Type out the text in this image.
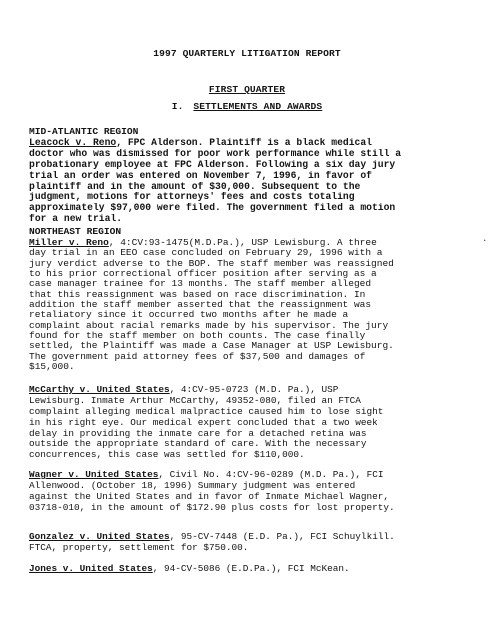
1997 QUARTERLY LITIGATION REPORT
FIRST QUARTER
I. SETTLEMENTS AND AWARDS
MID-ATLANTIC REGION
Leacock v. Reno, FPC Alderson. Plaintiff is a black medical
doctor who was dismissed for poor work performance while still a
probationary employee at FPC Alderson. Following a six day jury
trial an order was entered on November 7, 1996, in favor of
plaintiff and in the amount of $30,000. Subsequent to the
judgment, motions for attorneys' fees and costs totaling
approximately $97,000 were filed. The government filed a motion
for a new trial.
·
NORTHEAST REGION
Miller v. Reno, 4:CV:93-1475(M.D.Pa.), USP Lewisburg. A three
day trial in an EEO case concluded on February 29, 1996 with a
jury verdict adverse to the BOP. The staff member was reassigned
to his prior correctional officer position after serving as a
case manager trainee for 13 months. The staff member alleged
that this reassignment was based on race discrimination. In
addition the staff member asserted that the reassignment was
retaliatory since it occurred two months after he made a
complaint about racial remarks made by his supervisor. The jury
found for the staff member on both counts. The case finally
settled, the Plaintiff was made a Case Manager at USP Lewisburg.
The government paid attorney fees of $37,500 and damages of
$15,000.
McCarthy v. United States, 4:CV-95-0723 (M.D. Pa.), USP
Lewisburg. Inmate Arthur McCarthy, 49352-080, filed an FTCA
complaint alleging medical malpractice caused him to lose sight
in his right eye. Our medical expert concluded that a two week
delay in providing the inmate care for a detached retina was
outside the appropriate standard of care. With the necessary
concurrences, this case was settled for $110,000.
Wagner v. United States, Civil No. 4:CV-96-0289 (M.D. Pa.), FCI
Allenwood. (October 18, 1996) Summary judgment was entered
against the United States and in favor of Inmate Michael Wagner,
03718-010, in the amount of $172.90 plus costs for lost property.
Gonzalez v. United States, 95-CV-7448 (E.D. Pa.), FCI Schuylkill.
FTCA, property, settlement for $750.00.
Jones v. United States, 94-CV-5086 (E.D.Pa.), FCI McKean.
